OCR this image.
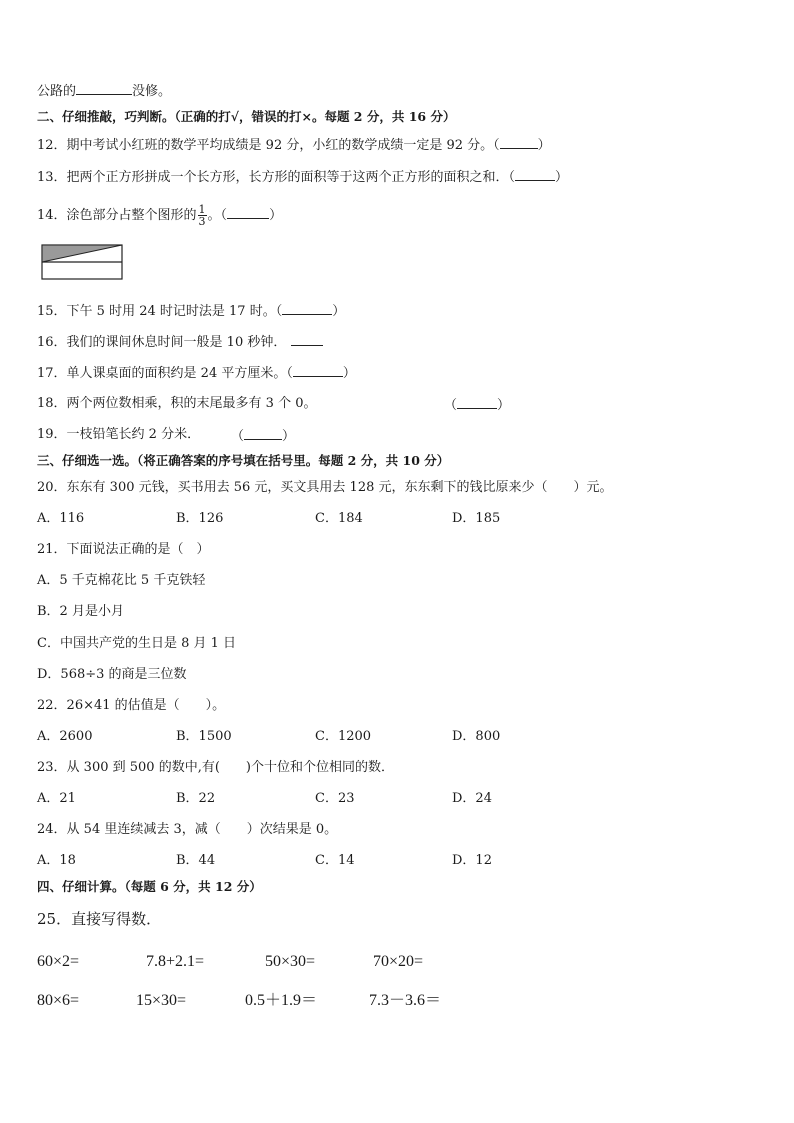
公路的	没修。
二、仔细推敲，巧判断。（正确的打√，错误的打×。每题 2 分，共 16 分）
12．期中考试小红班的数学平均成绩是 92 分，小红的数学成绩一定是 92 分。（	）
13．把两个正方形拼成一个长方形，长方形的面积等于这两个正方形的面积之和．（	）
14．涂色部分占整个图形的 $\frac{1}{3}$ 。（	）
15．下午 5 时用 24 时记时法是 17 时。（	）
16．我们的课间休息时间一般是 10 秒钟．
17．单人课桌面的面积约是 24 平方厘米。（	）
18．两个两位数相乘，积的末尾最多有 3 个 0。	（	）
19．一枝铅笔长约 2 分米． （	）
三、仔细选一选。（将正确答案的序号填在括号里。每题 2 分，共 10 分）
20．东东有 300 元钱，买书用去 56 元，买文具用去 128 元，东东剩下的钱比原来少（　　）元。
A．116	B．126	C．184	D．185
21．下面说法正确的是（　）
A．5 千克棉花比 5 千克铁轻
B．2 月是小月
C．中国共产党的生日是 8 月 1 日
D．568÷3 的商是三位数
22．26×41 的估值是（　　）。
A．2600	B．1500	C．1200	D．800
23．从 300 到 500 的数中,有(　　)个十位和个位相同的数．
A．21	B．22	C．23	D．24
24．从 54 里连续减去 3，减（　　）次结果是 0。
A．18	B．44	C．14	D．12
四、仔细计算。（每题 6 分，共 12 分）
25．直接写得数．
60×2=	7.8+2.1=	50×30=	70×20=
80×6=	15×30=	0.5＋1.9＝	7.3－3.6＝
